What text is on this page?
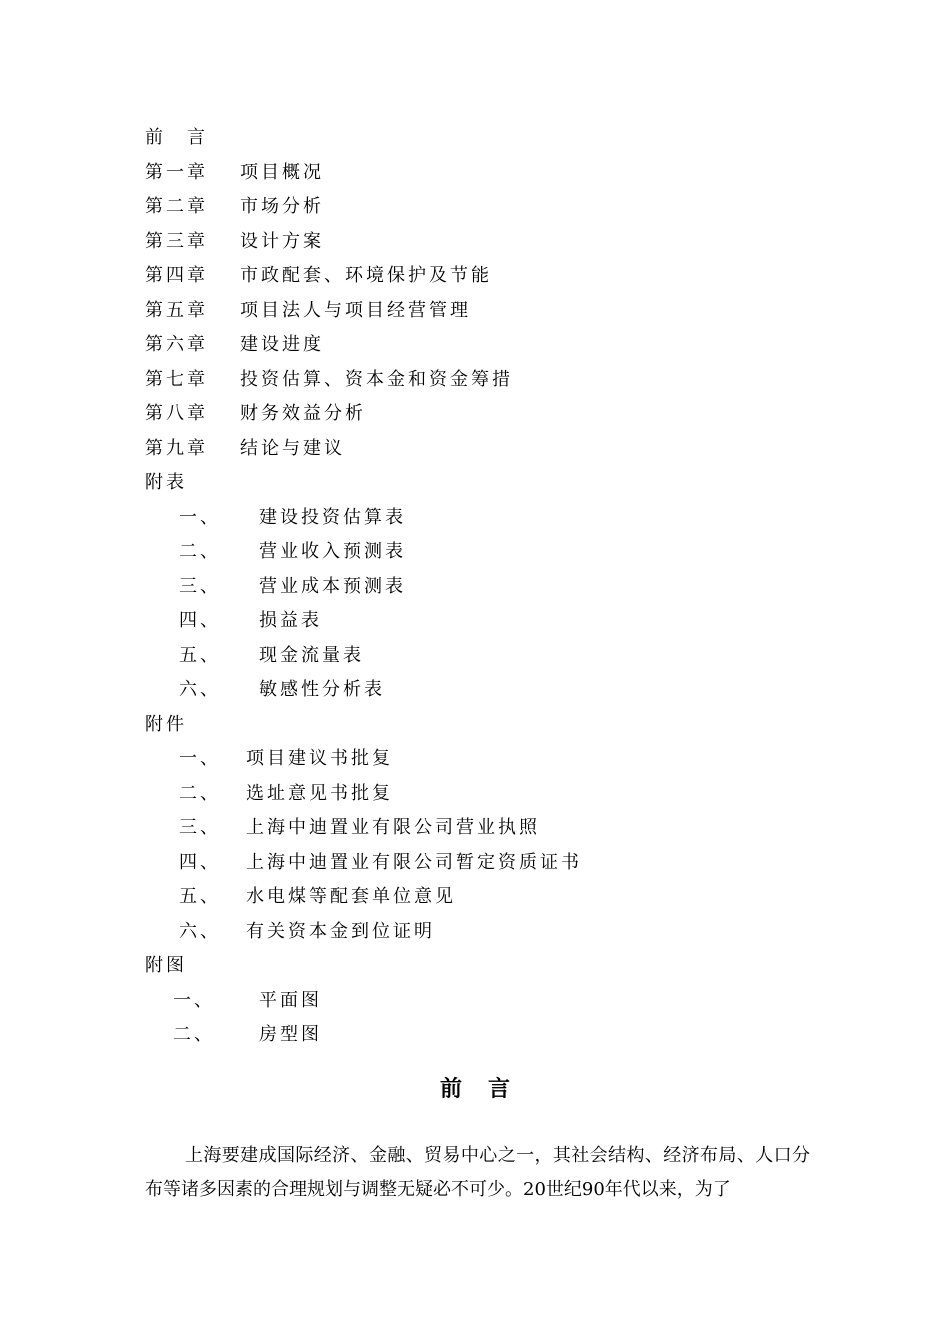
前　言
第一章 项目概况
第二章 市场分析
第三章 设计方案
第四章 市政配套、环境保护及节能
第五章 项目法人与项目经营管理
第六章 建设进度
第七章 投资估算、资本金和资金筹措
第八章 财务效益分析
第九章 结论与建议
附表
一、 建设投资估算表
二、 营业收入预测表
三、 营业成本预测表
四、 损益表
五、 现金流量表
六、 敏感性分析表
附件
一、 项目建议书批复
二、 选址意见书批复
三、 上海中迪置业有限公司营业执照
四、 上海中迪置业有限公司暂定资质证书
五、 水电煤等配套单位意见
六、 有关资本金到位证明
附图
一、 平面图
二、 房型图
前言
上海要建成国际经济、金融、贸易中心之一，其社会结构、经济布局、人口分布等诸多因素的合理规划与调整无疑必不可少。20世纪90年代以来，为了
